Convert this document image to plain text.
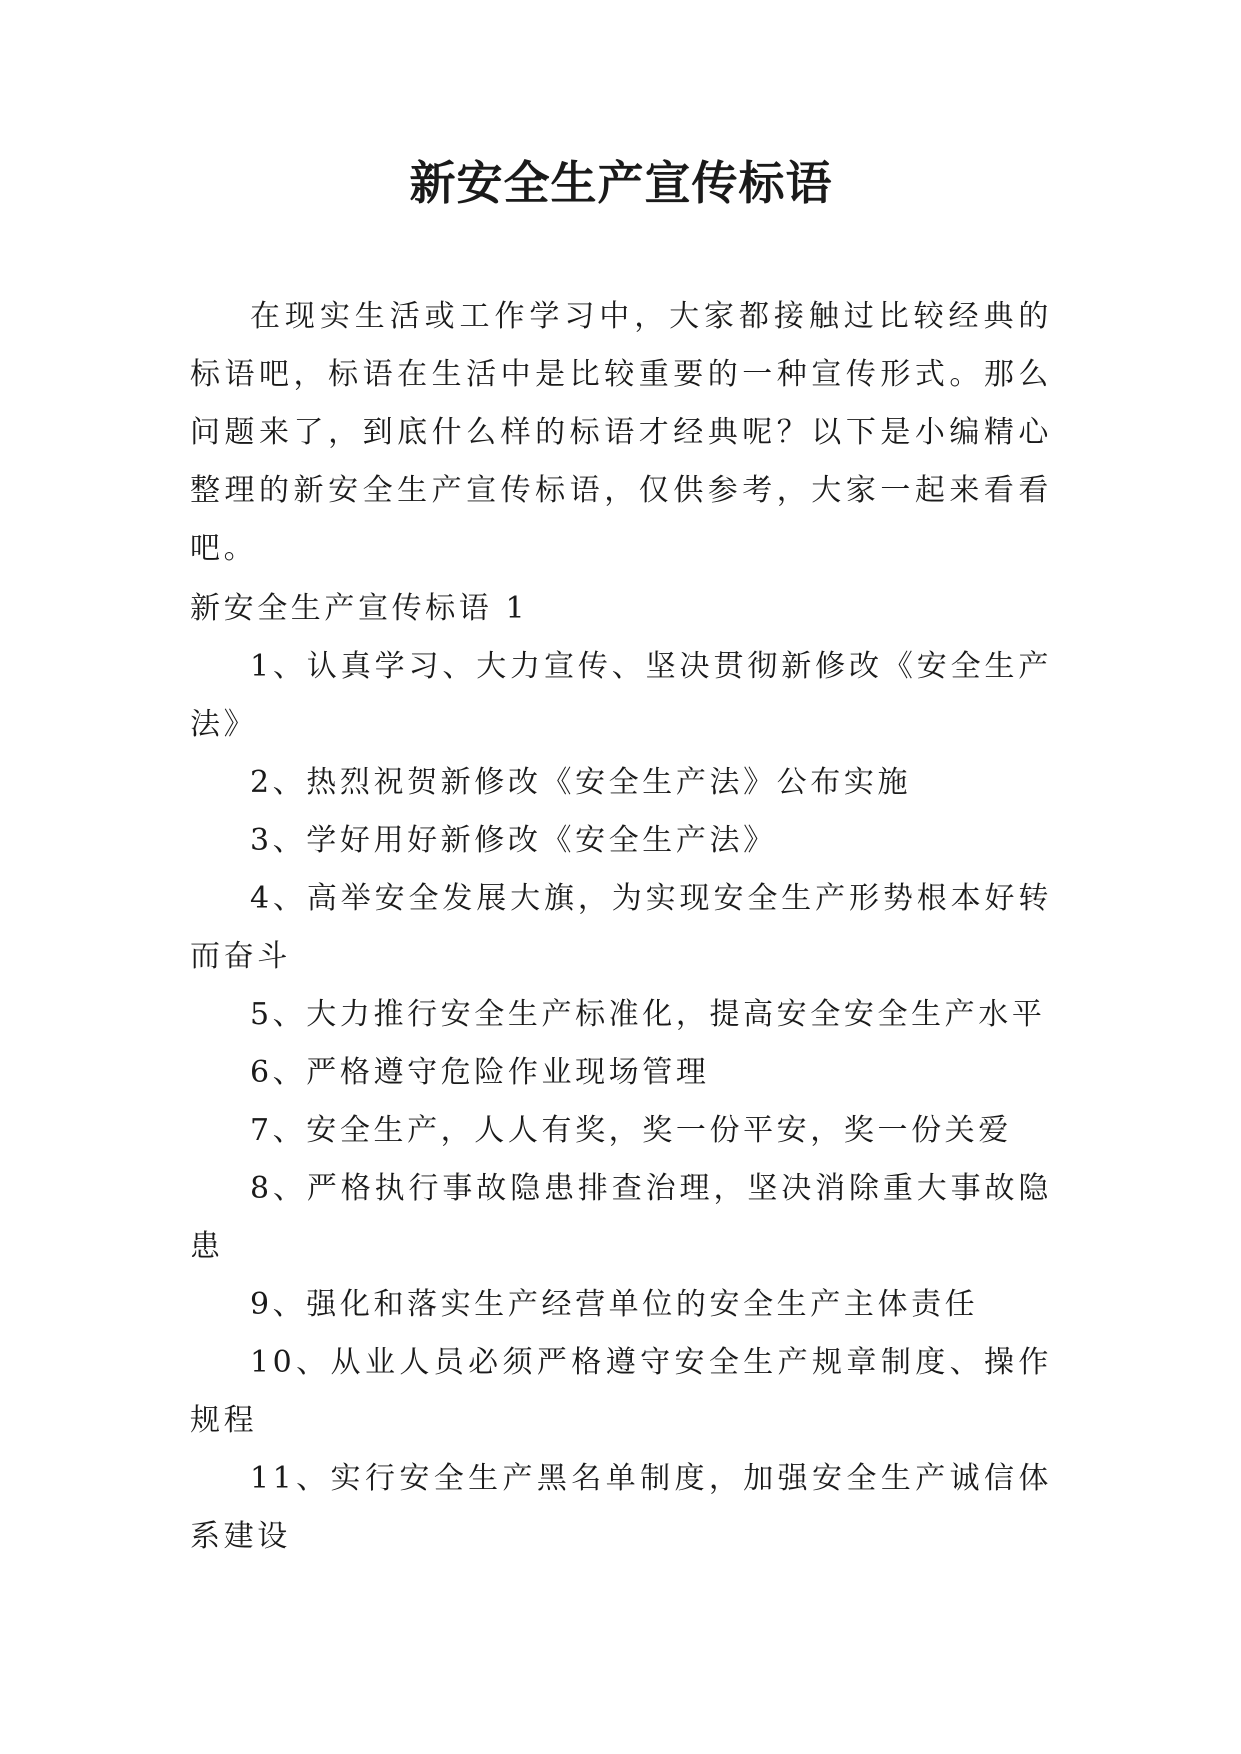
新安全生产宣传标语

在现实生活或工作学习中，大家都接触过比较经典的标语吧，标语在生活中是比较重要的一种宣传形式。那么问题来了，到底什么样的标语才经典呢？以下是小编精心整理的新安全生产宣传标语，仅供参考，大家一起来看看吧。

新安全生产宣传标语 1
1、认真学习、大力宣传、坚决贯彻新修改《安全生产法》
2、热烈祝贺新修改《安全生产法》公布实施
3、学好用好新修改《安全生产法》
4、高举安全发展大旗，为实现安全生产形势根本好转而奋斗
5、大力推行安全生产标准化，提高安全安全生产水平
6、严格遵守危险作业现场管理
7、安全生产，人人有奖，奖一份平安，奖一份关爱
8、严格执行事故隐患排查治理，坚决消除重大事故隐患
9、强化和落实生产经营单位的安全生产主体责任
10、从业人员必须严格遵守安全生产规章制度、操作规程
11、实行安全生产黑名单制度，加强安全生产诚信体系建设
